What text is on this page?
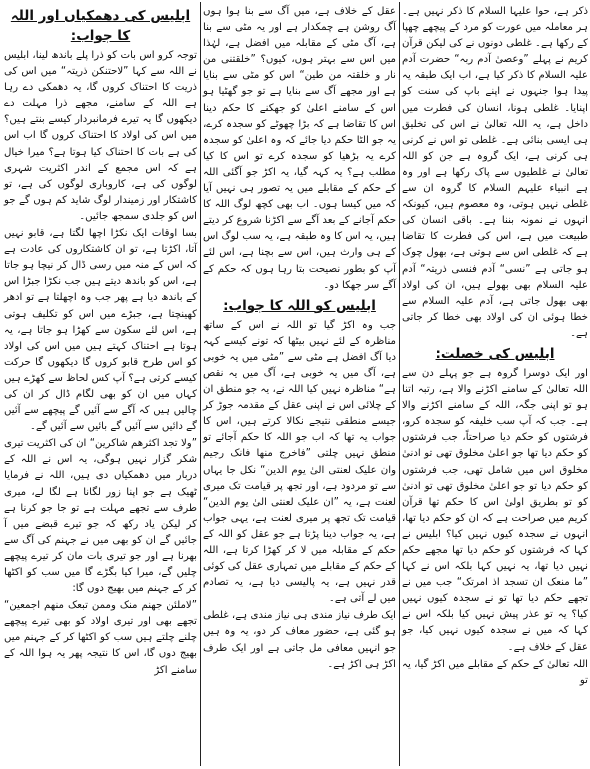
ذکر ہے، حوا علیہا السلام کا ذکر نہیں ہے۔ ہر معاملہ میں عورت کو مرد کے پیچھے چھپا کے رکھا ہے۔ غلطی دونوں نے کی لیکن قرآن کریم نے پہلے ”وعصیٰ آدم ربہ“ حضرت آدم علیہ السلام کا ذکر کیا ہے، اب ایک طبقہ یہ پیدا ہوا جنہوں نے اپنے باپ کی سنت کو اپنایا۔ غلطی ہونا، انسان کی فطرت میں داخل ہے، یہ اللہ تعالیٰ نے اس کی تخلیق ہی ایسی بنائی ہے۔ غلطی تو اس نے کرنی ہی کرنی ہے، ایک گروہ ہے جن کو اللہ تعالیٰ نے غلطیوں سے پاک رکھا ہے اور وہ ہے انبیاء علیہم السلام کا گروہ ان سے غلطی نہیں ہوتی، وہ معصوم ہیں، کیونکہ انہوں نے نمونہ بننا ہے۔ باقی انسان کی طبیعت میں ہے، اس کی فطرت کا تقاضا ہے کہ غلطی اس سے ہوتی ہے، بھول چوک ہو جاتی ہے ”نسی“ آدم فنسی ذریتہ“ آدم علیہ السلام بھی بھولے ہیں، ان کی اولاد بھی بھول جاتی ہے، آدم علیہ السلام سے خطا ہوئی ان کی اولاد بھی خطا کر جاتی ہے۔

ابلیس کی خصلت:

اور ایک دوسرا گروہ ہے جو پہلے دن سے اللہ تعالیٰ کے سامنے اکڑنے والا ہے، رتبہ اتنا ہو تو اپنی جگہ، اللہ کے سامنے اکڑنے والا ہے۔ جب کہ آپ سب خلیفہ کو سجدہ کرو، فرشتوں کو حکم دیا صراحتاً، جب فرشتوں کو حکم دیا تھا جو اعلیٰ مخلوق تھی تو ادنیٰ مخلوق اس میں شامل تھی، جب فرشتوں کو حکم دیا تو جو اعلیٰ مخلوق تھی تو ادنیٰ کو تو بطریق اولیٰ اس کا حکم تھا قرآن کریم میں صراحت ہے کہ ان کو حکم دیا تھا، انہوں نے سجدہ کیوں نہیں کیا؟ ابلیس نے کہا کہ فرشتوں کو حکم دیا تھا مجھے حکم نہیں دیا تھا، یہ نہیں کہا بلکہ اس نے کہا ”ما منعک ان تسجد اذ امرتک“ جب میں نے تجھے حکم دیا تھا تو نے سجدہ کیوں نہیں کیا؟ یہ تو عذر پیش نہیں کیا بلکہ اس نے کہا کہ میں نے سجدہ کیوں نہیں کیا، جو عقل کے خلاف ہے۔

اللہ تعالیٰ کے حکم کے مقابلے میں اکڑ گیا، یہ تو

عقل کے خلاف ہے، میں آگ سے بنا ہوا ہوں آگ روشن ہے چمکدار ہے اور یہ مٹی سے بنا ہے، آگ مٹی کے مقابلہ میں افضل ہے، لہٰذا میں اس سے بہتر ہوں، کیوں؟ ”خلقتنی من نار و خلقتہ من طین“ اس کو مٹی سے بنایا ہے اور مجھے آگ سے بنایا ہے تو جو گھٹیا ہو اس کے سامنے اعلیٰ کو جھکنے کا حکم دینا اس کا تقاضا ہے کہ بڑا چھوٹے کو سجدہ کرے، یہ جو الٹا حکم دیا جائے کہ وہ اعلیٰ کو سجدہ کرے یہ بڑھیا کو سجدہ کرے تو اس کا کیا مطلب ہے؟ یہ کہہ گیا، یہ اکڑ جو آگئی اللہ کے حکم کے مقابلے میں یہ تصور ہی نہیں آیا کہ میں کیسا ہوں۔ اب بھی کچھ لوگ اللہ کا حکم آجانے کے بعد آگے سے اکڑنا شروع کر دیتے ہیں، یہ اس کا وہ طبقہ ہے، یہ سب لوگ اس کے ہی وارث ہیں، اس سے بچنا ہے، اس لئے آپ کو بطور نصیحت بتا رہا ہوں کہ حکم کے آگے سر جھکا دو۔

ابلیس کو اللہ کا جواب:

جب وہ اکڑ گیا تو اللہ نے اس کے ساتھ مناظرہ کے لئے نہیں بیٹھا کہ تونے کیسے کہہ دیا آگ افضل ہے مٹی سے ”مٹی میں یہ خوبی ہے، آگ میں یہ خوبی ہے، آگ میں یہ نقص ہے“ مناظرہ نہیں کیا اللہ نے، یہ جو منطق ان کے چلائی اس نے اپنی عقل کے مقدمہ جوڑ کر جیسے منطقی نتیجے نکالا کرتے ہیں، اس کا جواب یہ تھا کہ اب جو اللہ کا حکم آجائے تو منطق نہیں چلتی ”فاخرج منھا فانک رجیم وان علیک لعنتی الیٰ یوم الدین“ نکل جا یہاں سے تو مردود ہے، اور تجھ پر قیامت تک میری لعنت ہے، یہ ”ان علیک لعنتی الیٰ یوم الدین“ قیامت تک تجھ پر میری لعنت ہے، یہی جواب ہے، یہ جواب دینا پڑتا ہے جو عقل کو اللہ کے حکم کے مقابلہ میں لا کر کھڑا کرتا ہے، اللہ کے حکم کے مقابلے میں تمہاری عقل کی کوئی قدر نہیں ہے، یہ پالیسی دیا ہے، یہ تصادم میں لے آتی ہے۔

ایک طرف نیاز مندی ہی نیاز مندی ہے، غلطی ہو گئی ہے، حضور معاف کر دو، یہ وہ ہیں جو انہیں معافی مل جاتی ہے اور ایک طرف اکڑ ہی اکڑ ہے۔

ابلیس کی دھمکیاں اور اللہ کا جواب:

توجہ کرو اس بات کو ذرا پلے باندھ لینا، ابلیس نے اللہ سے کہا ”لاحتنکن ذریتہ“ میں اس کی ذریت کا احتناک کروں گا، یہ دھمکی دے رہا ہے اللہ کے سامنے، مجھے ذرا مہلت دے دیکھوں گا یہ تیرے فرمانبردار کیسے بنتے ہیں؟ میں اس کی اولاد کا احتناک کروں گا اب اس کی ہے بات کا احتناک کیا ہوتا ہے؟ میرا خیال ہے کہ اس مجمع کے اندر اکثریت شہری لوگوں کی ہے، کاروباری لوگوں کی ہے، تو کاشتکار اور زمیندار لوگ شاید کم ہوں گے جو اس کو جلدی سمجھ جائیں۔

بسا اوقات ایک نکڑا اچھا لگتا ہے، قابو نہیں آتا، اکڑتا ہے، تو ان کاشتکاروں کی عادت ہے کہ اس کے منہ میں رسی ڈال کر نیچا ہو جاتا ہے، اس کو باندھ دیتے ہیں جب نکڑا جبڑا اس کے باندھ دیا ہے پھر جب وہ اچھلتا ہے تو ادھر کھینچتا ہے، جبڑے میں اس کو تکلیف ہوتی ہے، اس لئے سکون سے کھڑا ہو جاتا ہے، یہ ہوتا ہے احتناک کہتے ہیں میں اس کی اولاد کو اس طرح قابو کروں گا دیکھوں گا حرکت کیسے کرتی ہے؟ آپ کس لحاظ سے کھڑے ہیں کہاں میں ان کو بھی لگام ڈال کر ان کی چالیں ہیں کہ آگے سے آئیں گے پیچھے سے آئیں گے دائیں سے آئیں گے بائیں سے آئیں گے۔

”ولا تجد اکثرھم شاکرین“ ان کی اکثریت تیری شکر گزار نہیں ہوگی، یہ اس نے اللہ کے دربار میں دھمکیاں دی ہیں، اللہ نے فرمایا ٹھیک ہے جو اپنا زور لگانا ہے لگا لے، میری طرف سے تجھے مہلت ہے تو جا جو کرنا ہے کر لیکن یاد رکھ کہ جو تیرے قبضے میں آ جائیں گے ان کو بھی میں نے جہنم کی آگ سے بھرنا ہے اور جو تیری بات مان کر تیرے پیچھے چلیں گے، میرا کیا بگڑے گا میں سب کو اکٹھا کر کے جہنم میں بھیج دوں گا:

”لاملئن جھنم منک وممن تبعک منھم اجمعین“ تجھے بھی اور تیری اولاد کو بھی تیرے پیچھے چلنے چلتے ہیں سب کو اکٹھا کر کے جہنم میں بھیج دوں گا، اس کا نتیجہ پھر یہ ہوا اللہ کے سامنے اکڑ
